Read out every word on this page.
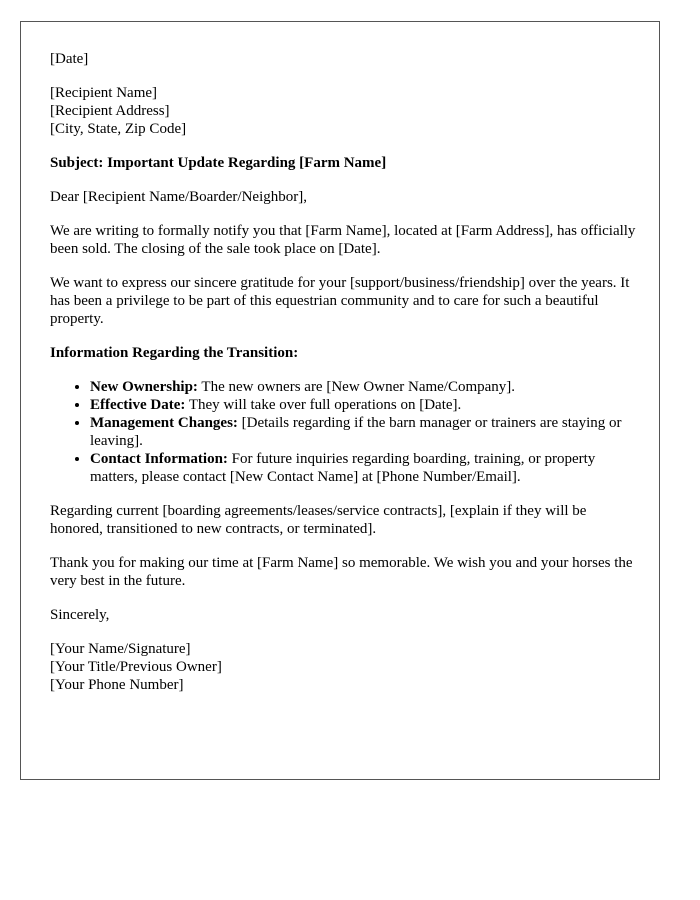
[Date]

[Recipient Name]
[Recipient Address]
[City, State, Zip Code]

Subject: Important Update Regarding [Farm Name]

Dear [Recipient Name/Boarder/Neighbor],

We are writing to formally notify you that [Farm Name], located at [Farm Address], has officially been sold. The closing of the sale took place on [Date].

We want to express our sincere gratitude for your [support/business/friendship] over the years. It has been a privilege to be part of this equestrian community and to care for such a beautiful property.

Information Regarding the Transition:

• New Ownership: The new owners are [New Owner Name/Company].
• Effective Date: They will take over full operations on [Date].
• Management Changes: [Details regarding if the barn manager or trainers are staying or leaving].
• Contact Information: For future inquiries regarding boarding, training, or property matters, please contact [New Contact Name] at [Phone Number/Email].

Regarding current [boarding agreements/leases/service contracts], [explain if they will be honored, transitioned to new contracts, or terminated].

Thank you for making our time at [Farm Name] so memorable. We wish you and your horses the very best in the future.

Sincerely,

[Your Name/Signature]
[Your Title/Previous Owner]
[Your Phone Number]
